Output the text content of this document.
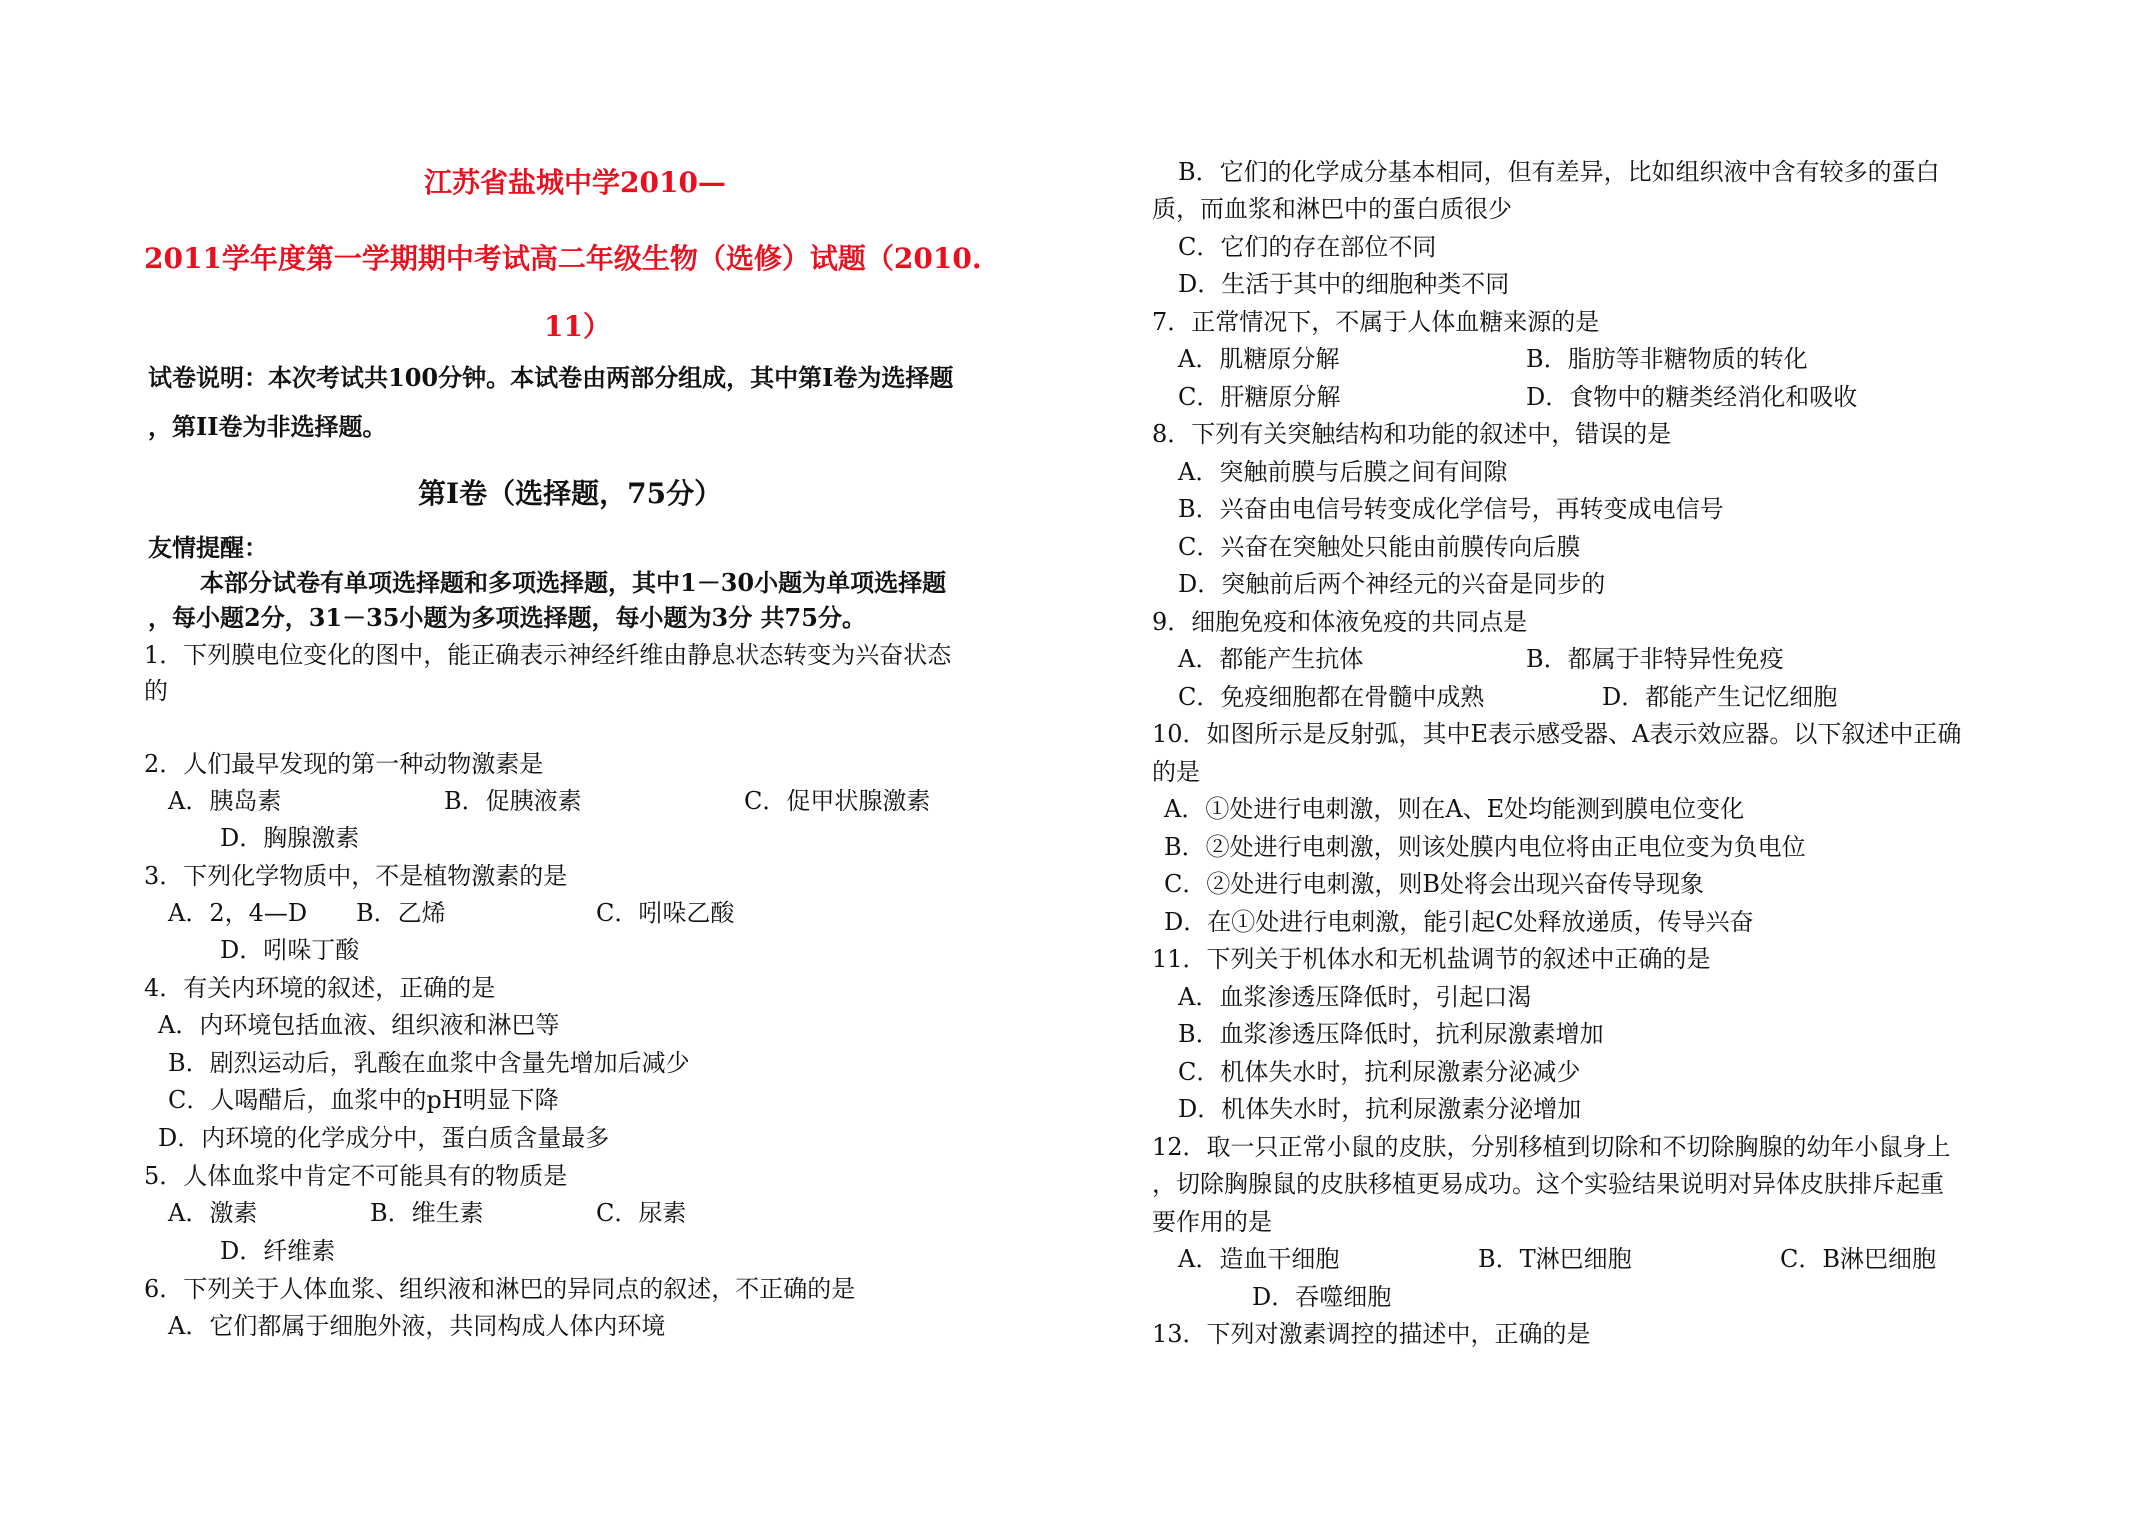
江苏省盐城中学2010—
2011学年度第一学期期中考试高二年级生物（选修）试题（2010.
11）
试卷说明：本次考试共100分钟。本试卷由两部分组成，其中第I卷为选择题
，第II卷为非选择题。
第I卷（选择题，75分）
友情提醒：
本部分试卷有单项选择题和多项选择题，其中1－30小题为单项选择题
，每小题2分，31－35小题为多项选择题，每小题为3分 共75分。
1．下列膜电位变化的图中，能正确表示神经纤维由静息状态转变为兴奋状态
的
2．人们最早发现的第一种动物激素是
A．胰岛素	B．促胰液素	C．促甲状腺激素
D．胸腺激素
3．下列化学物质中，不是植物激素的是
A．2，4—D B．乙烯	C．吲哚乙酸
D．吲哚丁酸
4．有关内环境的叙述，正确的是
A．内环境包括血液、组织液和淋巴等
B．剧烈运动后，乳酸在血浆中含量先增加后减少
C．人喝醋后，血浆中的pH明显下降
D．内环境的化学成分中，蛋白质含量最多
5．人体血浆中肯定不可能具有的物质是
A．激素	B．维生素	C．尿素
D．纤维素
6．下列关于人体血浆、组织液和淋巴的异同点的叙述，不正确的是
A．它们都属于细胞外液，共同构成人体内环境
B．它们的化学成分基本相同，但有差异，比如组织液中含有较多的蛋白
质，而血浆和淋巴中的蛋白质很少
C．它们的存在部位不同
D．生活于其中的细胞种类不同
7．正常情况下，不属于人体血糖来源的是
A．肌糖原分解	B．脂肪等非糖物质的转化
C．肝糖原分解	D．食物中的糖类经消化和吸收
8．下列有关突触结构和功能的叙述中，错误的是
A．突触前膜与后膜之间有间隙
B．兴奋由电信号转变成化学信号，再转变成电信号
C．兴奋在突触处只能由前膜传向后膜
D．突触前后两个神经元的兴奋是同步的
9．细胞免疫和体液免疫的共同点是
A．都能产生抗体	B．都属于非特异性免疫
C．免疫细胞都在骨髓中成熟	D．都能产生记忆细胞
10．如图所示是反射弧，其中E表示感受器、A表示效应器。以下叙述中正确
的是
A．①处进行电刺激，则在A、E处均能测到膜电位变化
B．②处进行电刺激，则该处膜内电位将由正电位变为负电位
C．②处进行电刺激，则B处将会出现兴奋传导现象
D．在①处进行电刺激，能引起C处释放递质，传导兴奋
11．下列关于机体水和无机盐调节的叙述中正确的是
A．血浆渗透压降低时，引起口渴
B．血浆渗透压降低时，抗利尿激素增加
C．机体失水时，抗利尿激素分泌减少
D．机体失水时，抗利尿激素分泌增加
12．取一只正常小鼠的皮肤，分别移植到切除和不切除胸腺的幼年小鼠身上
，切除胸腺鼠的皮肤移植更易成功。这个实验结果说明对异体皮肤排斥起重
要作用的是
A．造血干细胞	B．T淋巴细胞	C．B淋巴细胞
D．吞噬细胞
13．下列对激素调控的描述中，正确的是
